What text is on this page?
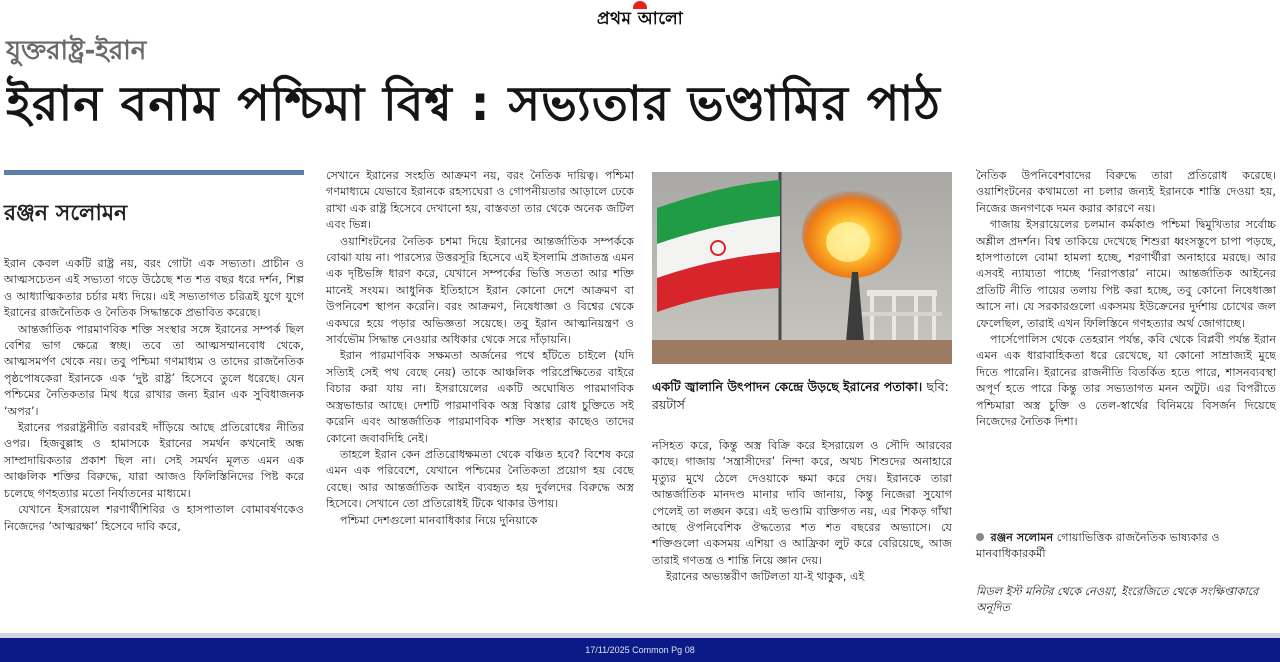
প্রথম আলো
যুক্তরাষ্ট্র-ইরান
ইরান বনাম পশ্চিমা বিশ্ব : সভ্যতার ভণ্ডামির পাঠ
রঞ্জন সলোমন

ইরান কেবল একটি রাষ্ট্র নয়, বরং গোটা এক সভ্যতা। প্রাচীন ও আত্মসচেতন এই সভ্যতা গড়ে উঠেছে শত শত বছর ধরে দর্শন, শিল্প ও আধ্যাত্মিকতার চর্চার মধ্য দিয়ে। এই সভ্যতাগত চরিত্রই যুগে যুগে ইরানের রাজনৈতিক ও নৈতিক সিদ্ধান্তকে প্রভাবিত করেছে।

আন্তর্জাতিক পারমাণবিক শক্তি সংস্থার সঙ্গে ইরানের সম্পর্ক ছিল বেশির ভাগ ক্ষেত্রে স্বচ্ছ। তবে তা আত্মসম্মানবোধ থেকে, আত্মসমর্পণ থেকে নয়। তবু পশ্চিমা গণমাধ্যম ও তাদের রাজনৈতিক পৃষ্ঠপোষকেরা ইরানকে এক ‘দুষ্ট রাষ্ট্র’ হিসেবে তুলে ধরেছে। যেন পশ্চিমের নৈতিকতার মিথ ধরে রাখার জন্য ইরান এক সুবিধাজনক ‘অপর’।

ইরানের পররাষ্ট্রনীতি বরাবরই দাঁড়িয়ে আছে প্রতিরোধের নীতির ওপর। হিজবুল্লাহ ও হামাসকে ইরানের সমর্থন কখনোই অন্ধ সাম্প্রদায়িকতার প্রকাশ ছিল না। সেই সমর্থন মূলত এমন এক আঞ্চলিক শক্তির বিরুদ্ধে, যারা আজও ফিলিস্তিনিদের পিষ্ট করে চলেছে গণহত্যার মতো নির্যাতনের মাধ্যমে।

যেখানে ইসরায়েল শরণার্থীশিবির ও হাসপাতাল বোমাবর্ষণকেও নিজেদের ‘আত্মরক্ষা’ হিসেবে দাবি করে,

সেখানে ইরানের সংহতি আক্রমণ নয়, বরং নৈতিক দায়িত্ব। পশ্চিমা গণমাধ্যমে যেভাবে ইরানকে রহস্যঘেরা ও গোপনীয়তার আড়ালে ঢেকে রাখা এক রাষ্ট্র হিসেবে দেখানো হয়, বাস্তবতা তার থেকে অনেক জটিল এবং ভিন্ন।

ওয়াশিংটনের নৈতিক চশমা দিয়ে ইরানের আন্তর্জাতিক সম্পর্ককে বোঝা যায় না। পারস্যের উত্তরসূরি হিসেবে এই ইসলামি প্রজাতন্ত্র এমন এক দৃষ্টিভঙ্গি ধারণ করে, যেখানে সম্পর্কের ভিত্তি সততা আর শক্তি মানেই সংযম। আধুনিক ইতিহাসে ইরান কোনো দেশে আক্রমণ বা উপনিবেশ স্থাপন করেনি। বরং আক্রমণ, নিষেধাজ্ঞা ও বিশ্বের থেকে একঘরে হয়ে পড়ার অভিজ্ঞতা সয়েছে। তবু ইরান আত্মনিয়ন্ত্রণ ও সার্বভৌম সিদ্ধান্ত নেওয়ার অধিকার থেকে সরে দাঁড়ায়নি।

ইরান পারমাণবিক সক্ষমতা অর্জনের পথে হাঁটতে চাইলে (যদি সত্যিই সেই পথ বেছে নেয়) তাকে আঞ্চলিক পরিপ্রেক্ষিতের বাইরে বিচার করা যায় না। ইসরায়েলের একটি অঘোষিত পারমাণবিক অস্ত্রভান্ডার আছে। দেশটি পারমাণবিক অস্ত্র বিস্তার রোধ চুক্তিতে সই করেনি এবং আন্তর্জাতিক পারমাণবিক শক্তি সংস্থার কাছেও তাদের কোনো জবাবদিহি নেই।

তাহলে ইরান কেন প্রতিরোধক্ষমতা থেকে বঞ্চিত হবে? বিশেষ করে এমন এক পরিবেশে, যেখানে পশ্চিমের নৈতিকতা প্রয়োগ হয় বেছে বেছে। আর আন্তর্জাতিক আইন ব্যবহৃত হয় দুর্বলদের বিরুদ্ধে অস্ত্র হিসেবে। সেখানে তো প্রতিরোধই টিকে থাকার উপায়।

পশ্চিমা দেশগুলো মানবাধিকার নিয়ে দুনিয়াকে

একটি জ্বালানি উৎপাদন কেন্দ্রে উড়ছে ইরানের পতাকা। ছবি: রয়টার্স

নসিহত করে, কিন্তু অস্ত্র বিক্রি করে ইসরায়েল ও সৌদি আরবের কাছে। গাজায় ‘সন্ত্রাসীদের’ নিন্দা করে, অথচ শিশুদের অনাহারে মৃত্যুর মুখে ঠেলে দেওয়াকে ক্ষমা করে দেয়। ইরানকে তারা আন্তর্জাতিক মানদণ্ড মানার দাবি জানায়, কিন্তু নিজেরা সুযোগ পেলেই তা লঙ্ঘন করে। এই ভণ্ডামি ব্যক্তিগত নয়, এর শিকড় গাঁথা আছে ঔপনিবেশিক ঔদ্ধত্যের শত শত বছরের অভ্যাসে। যে শক্তিগুলো একসময় এশিয়া ও আফ্রিকা লুট করে বেরিয়েছে, আজ তারাই গণতন্ত্র ও শান্তি নিয়ে জ্ঞান দেয়।

ইরানের অভ্যন্তরীণ জটিলতা যা-ই থাকুক, এই

নৈতিক উপনিবেশবাদের বিরুদ্ধে তারা প্রতিরোধ করেছে। ওয়াশিংটনের কথামতো না চলার জন্যই ইরানকে শাস্তি দেওয়া হয়, নিজের জনগণকে দমন করার কারণে নয়।

গাজায় ইসরায়েলের চলমান কর্মকাণ্ড পশ্চিমা দ্বিমুখিতার সর্বোচ্চ অশ্লীল প্রদর্শন। বিশ্ব তাকিয়ে দেখেছে শিশুরা ধ্বংসস্তূপে চাপা পড়ছে, হাসপাতালে বোমা হামলা হচ্ছে, শরণার্থীরা অনাহারে মরছে। আর এসবই ন্যায্যতা পাচ্ছে ‘নিরাপত্তার’ নামে। আন্তর্জাতিক আইনের প্রতিটি নীতি পায়ের তলায় পিষ্ট করা হচ্ছে, তবু কোনো নিষেধাজ্ঞা আসে না। যে সরকারগুলো একসময় ইউক্রেনের দুর্দশায় চোখের জল ফেলেছিল, তারাই এখন ফিলিস্তিনে গণহত্যার অর্থ জোগাচ্ছে।

পার্সেপোলিস থেকে তেহরান পর্যন্ত, কবি থেকে বিপ্লবী পর্যন্ত ইরান এমন এক ধারাবাহিকতা ধরে রেখেছে, যা কোনো সাম্রাজ্যই মুছে দিতে পারেনি। ইরানের রাজনীতি বিতর্কিত হতে পারে, শাসনব্যবস্থা অপূর্ণ হতে পারে কিন্তু তার সভ্যতাগত মনন অটুট। এর বিপরীতে পশ্চিমারা অস্ত্র চুক্তি ও তেল-স্বার্থের বিনিময়ে বিসর্জন দিয়েছে নিজেদের নৈতিক দিশা।

রঞ্জন সলোমন গোয়াভিত্তিক রাজনৈতিক ভাষ্যকার ও মানবাধিকারকর্মী
মিডল ইস্ট মনিটর থেকে নেওয়া, ইংরেজিতে থেকে সংক্ষিপ্তাকারে অনূদিত
17/11/2025 Common Pg 08
